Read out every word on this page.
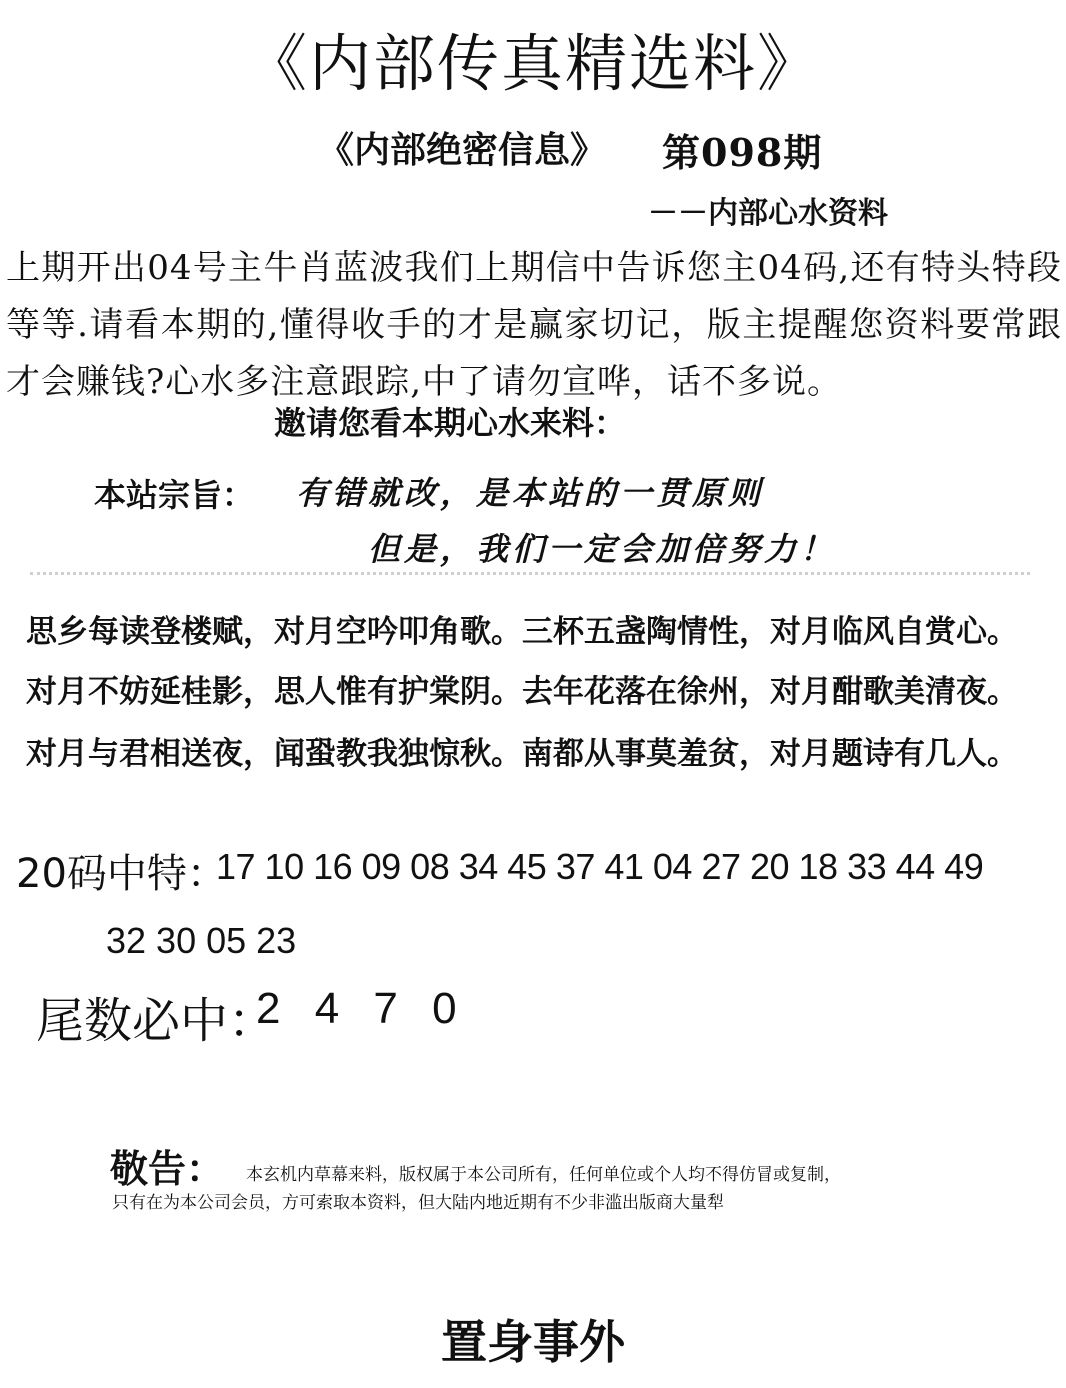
《内部传真精选料》
《内部绝密信息》 第098期
－－内部心水资料
上期开出04号主牛肖蓝波我们上期信中告诉您主04码,还有特头特段等等.请看本期的,懂得收手的才是赢家切记，版主提醒您资料要常跟才会赚钱?心水多注意跟踪,中了请勿宣哗，话不多说。
邀请您看本期心水来料：
本站宗旨： 有错就改，是本站的一贯原则
但是，我们一定会加倍努力！
思乡每读登楼赋，对月空吟叩角歌。三杯五盏陶情性，对月临风自赏心。
对月不妨延桂影，思人惟有护棠阴。去年花落在徐州，对月酣歌美清夜。
对月与君相送夜，闻蛩教我独惊秋。南都从事莫羞贫，对月题诗有几人。
20码中特：
17 10 16 09 08 34 45 37 41 04 27 20 18 33 44 49
32 30 05 23
尾数必中：
2 4 7 0
敬告： 本玄机内草幕来料，版权属于本公司所有，任何单位或个人均不得仿冒或复制，
只有在为本公司会员，方可索取本资料，但大陆内地近期有不少非滥出版商大量犁
置身事外
